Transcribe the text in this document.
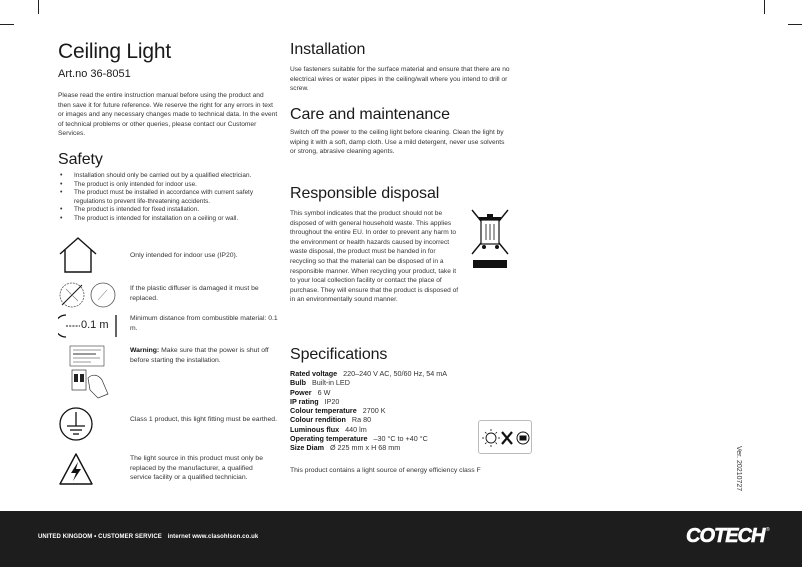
Ceiling Light
Art.no 36-8051

Please read the entire instruction manual before using the product and then save it for future reference. We reserve the right for any errors in text or images and any necessary changes made to technical data. In the event of technical problems or other queries, please contact our Customer Services.

Safety
• Installation should only be carried out by a qualified electrician.
• The product is only intended for indoor use.
• The product must be installed in accordance with current safety regulations to prevent life-threatening accidents.
• The product is intended for fixed installation.
• The product is intended for installation on a ceiling or wall.
Only intended for indoor use (IP20).
If the plastic diffuser is damaged it must be replaced.
0.1 m
Minimum distance from combustible material: 0.1 m.
Warning: Make sure that the power is shut off before starting the installation.
Class 1 product, this light fitting must be earthed.
The light source in this product must only be replaced by the manufacturer, a qualified service facility or a qualified technician.
Installation

Use fasteners suitable for the surface material and ensure that there are no electrical wires or water pipes in the ceiling/wall where you intend to drill or screw.

Care and maintenance

Switch off the power to the ceiling light before cleaning. Clean the light by wiping it with a soft, damp cloth. Use a mild detergent, never use solvents or strong, abrasive cleaning agents.

Responsible disposal

This symbol indicates that the product should not be disposed of with general household waste. This applies throughout the entire EU. In order to prevent any harm to the environment or health hazards caused by incorrect waste disposal, the product must be handed in for recycling so that the material can be disposed of in a responsible manner. When recycling your product, take it to your local collection facility or contact the place of purchase. They will ensure that the product is disposed of in an environmentally sound manner.

Specifications
Rated voltage 220–240 V AC, 50/60 Hz, 54 mA
Bulb Built-in LED
Power 6 W
IP rating IP20
Colour temperature 2700 K
Colour rendition Ra 80
Luminous flux 440 lm
Operating temperature –30 °C to +40 °C
Size Diam Ø 225 mm x H 68 mm
This product contains a light source of energy efficiency class F	Ver. 20210727
UNITED KINGDOM • CUSTOMER SERVICE internet www.clasohlson.co.uk	COTECH ®
